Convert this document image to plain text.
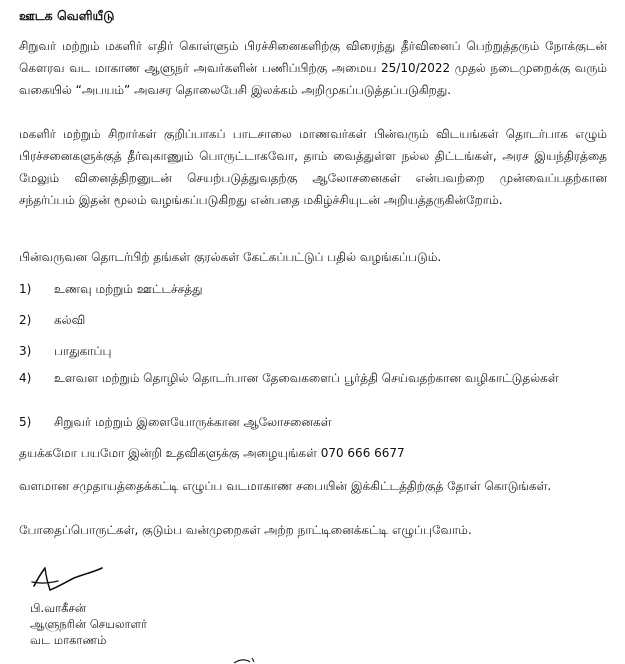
ஊடக வெளியீடு
சிறுவர் மற்றும் மகளிர் எதிர் கொள்ளும் பிரச்சினைகளிற்கு விரைந்து தீர்வினைப் பெற்றுத்தரும் நோக்குடன் கௌரவ வட மாகாண ஆளுநர் அவர்களின் பணிப்பிற்கு அமைய 25/10/2022 முதல் நடைமுறைக்கு வரும் வகையில் “அபயம்” அவசர தொலைபேசி இலக்கம் அறிமுகப்படுத்தப்படுகிறது.
மகளிர் மற்றும் சிறார்கள் குறிப்பாகப் பாடசாலை மாணவர்கள் பின்வரும் விடயங்கள் தொடர்பாக எழும் பிரச்சனைகளுக்குத் தீர்வுகாணும் பொருட்டாகவோ, தாம் வைத்துள்ள நல்ல திட்டங்கள், அரச இயந்திரத்தை மேலும் வினைத்திறனுடன் செயற்படுத்துவதற்கு ஆலோசனைகள் என்பவற்றை முன்வைப்பதற்கான சந்தர்ப்பம் இதன் மூலம் வழங்கப்படுகிறது என்பதை மகிழ்ச்சியுடன் அறியத்தருகின்றோம்.
பின்வருவன தொடர்பிற் தங்கள் குரல்கள் கேட்கப்பட்டுப் பதில் வழங்கப்படும்.
1)	உணவு மற்றும் ஊட்டச்சத்து
2)	கல்வி
3)	பாதுகாப்பு
4)	உளவள மற்றும் தொழில் தொடர்பான தேவைகளைப் பூர்த்தி செய்வதற்கான வழிகாட்டுதல்கள்
5)	சிறுவர் மற்றும் இளையோருக்கான ஆலோசனைகள்
தயக்கமோ பயமோ இன்றி உதவிகளுக்கு அழையுங்கள் 070 666 6677
வளமான சமுதாயத்தைக்கட்டி எழுப்ப வடமாகாண சபையின் இக்கிட்டத்திற்குத் தோள் கொடுங்கள்.
போதைப்பொருட்கள், குடும்ப வன்முறைகள் அற்ற நாட்டினைக்கட்டி எழுப்புவோம்.
பி.வாகீசன்
ஆளுநரின் செயலாளர்
வட மாகாணம்
